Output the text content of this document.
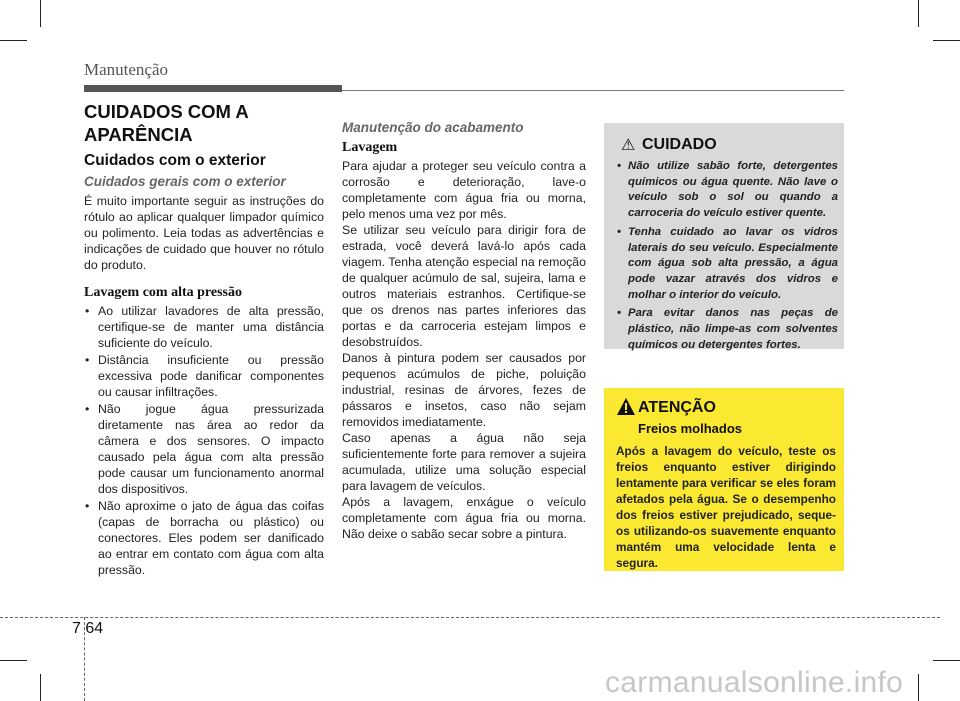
Manutenção
CUIDADOS COM A APARÊNCIA
Cuidados com o exterior
Cuidados gerais com o exterior

É muito importante seguir as instruções do rótulo ao aplicar qualquer limpador químico ou polimento. Leia todas as advertências e indicações de cuidado que houver no rótulo do produto.

Lavagem com alta pressão
• Ao utilizar lavadores de alta pressão, certifique-se de manter uma distância suficiente do veículo.
• Distância insuficiente ou pressão excessiva pode danificar componentes ou causar infiltrações.
• Não jogue água pressurizada diretamente nas área ao redor da câmera e dos sensores. O impacto causado pela água com alta pressão pode causar um funcionamento anormal dos dispositivos.
• Não aproxime o jato de água das coifas (capas de borracha ou plástico) ou conectores. Eles podem ser danificado ao entrar em contato com água com alta pressão.
Manutenção do acabamento
Lavagem

Para ajudar a proteger seu veículo contra a corrosão e deterioração, lave-o completamente com água fria ou morna, pelo menos uma vez por mês.

Se utilizar seu veículo para dirigir fora de estrada, você deverá lavá-lo após cada viagem. Tenha atenção especial na remoção de qualquer acúmulo de sal, sujeira, lama e outros materiais estranhos. Certifique-se que os drenos nas partes inferiores das portas e da carroceria estejam limpos e desobstruídos.

Danos à pintura podem ser causados por pequenos acúmulos de piche, poluição industrial, resinas de árvores, fezes de pássaros e insetos, caso não sejam removidos imediatamente.

Caso apenas a água não seja suficientemente forte para remover a sujeira acumulada, utilize uma solução especial para lavagem de veículos.

Após a lavagem, enxágue o veículo completamente com água fria ou morna. Não deixe o sabão secar sobre a pintura.

⚠ CUIDADO
• Não utilize sabão forte, detergentes químicos ou água quente. Não lave o veículo sob o sol ou quando a carroceria do veículo estiver quente.
• Tenha cuidado ao lavar os vidros laterais do seu veículo. Especialmente com água sob alta pressão, a água pode vazar através dos vidros e molhar o interior do veículo.
• Para evitar danos nas peças de plástico, não limpe-as com solventes químicos ou detergentes fortes.
ATENÇÃO
Freios molhados
Após a lavagem do veículo, teste os freios enquanto estiver dirigindo lentamente para verificar se eles foram afetados pela água. Se o desempenho dos freios estiver prejudicado, seque-os utilizando-os suavemente enquanto mantém uma velocidade lenta e segura.
7 64
carmanualsonline.info
